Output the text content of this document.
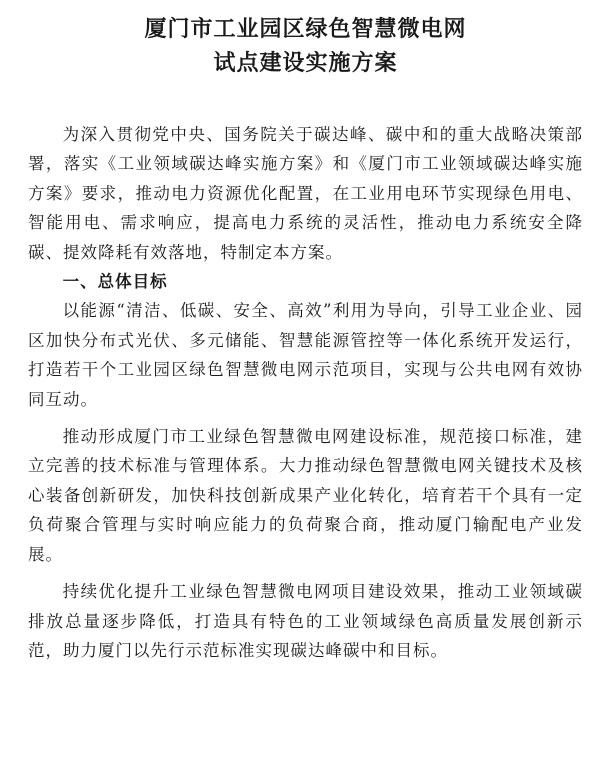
厦门市工业园区绿色智慧微电网
试点建设实施方案

为深入贯彻党中央、国务院关于碳达峰、碳中和的重大战略决策部署，落实《工业领域碳达峰实施方案》和《厦门市工业领域碳达峰实施方案》要求，推动电力资源优化配置，在工业用电环节实现绿色用电、智能用电、需求响应，提高电力系统的灵活性，推动电力系统安全降碳、提效降耗有效落地，特制定本方案。

一、总体目标

以能源“清洁、低碳、安全、高效”利用为导向，引导工业企业、园区加快分布式光伏、多元储能、智慧能源管控等一体化系统开发运行，打造若干个工业园区绿色智慧微电网示范项目，实现与公共电网有效协同互动。

推动形成厦门市工业绿色智慧微电网建设标准，规范接口标准，建立完善的技术标准与管理体系。大力推动绿色智慧微电网关键技术及核心装备创新研发，加快科技创新成果产业化转化，培育若干个具有一定负荷聚合管理与实时响应能力的负荷聚合商，推动厦门输配电产业发展。

持续优化提升工业绿色智慧微电网项目建设效果，推动工业领域碳排放总量逐步降低，打造具有特色的工业领域绿色高质量发展创新示范，助力厦门以先行示范标准实现碳达峰碳中和目标。
